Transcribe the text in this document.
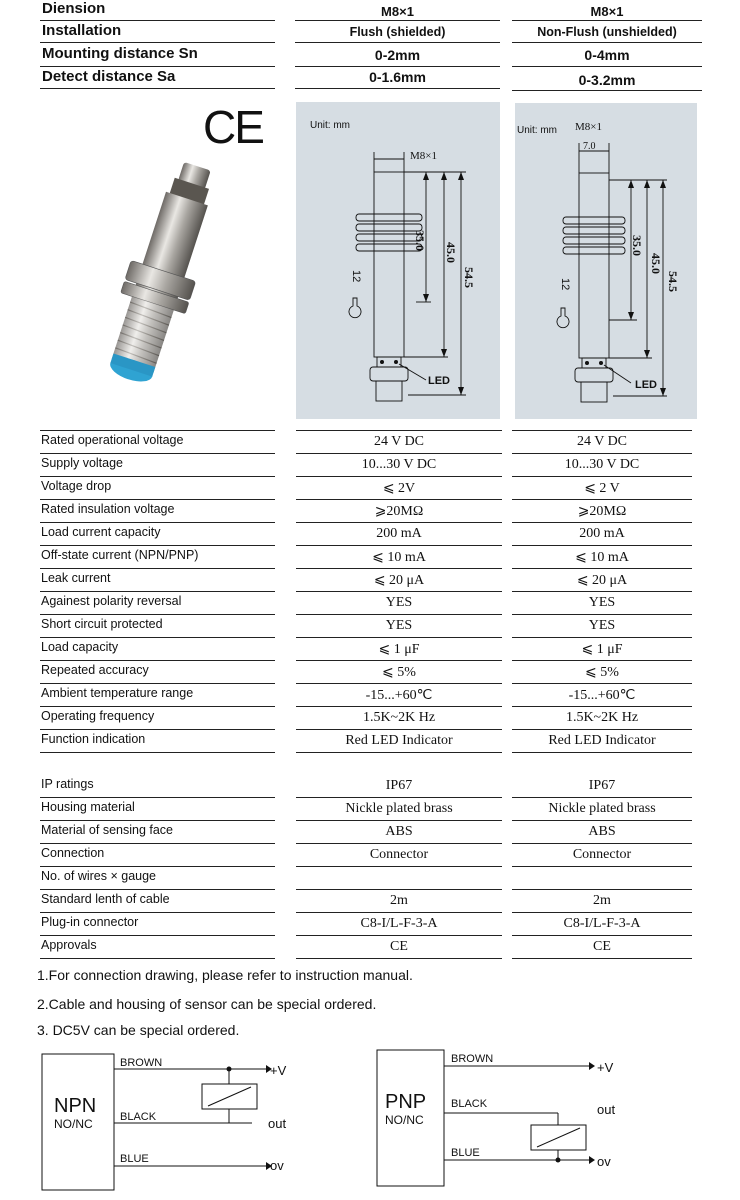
Diension	M8×1	M8×1
Installation	Flush (shielded)	Non-Flush (unshielded)
Mounting distance Sn	0-2mm	0-4mm
Detect distance Sa	0-1.6mm	0-3.2mm
CE	Unit: mm
M8×1
35.0
45.0
54.5
12
LED
Unit: mm M8×1
7.0
35.0
45.0
54.5
12
LED
Rated operational voltage	24 V DC	24 V DC
Supply voltage	10...30 V DC	10...30 V DC
Voltage drop	⩽ 2V	⩽ 2 V
Rated insulation voltage	⩾20MΩ	⩾20MΩ
Load current capacity	200 mA	200 mA
Off-state current (NPN/PNP)	⩽ 10 mA	⩽ 10 mA
Leak current	⩽ 20 μA	⩽ 20 μA
Againest polarity reversal	YES	YES
Short circuit protected	YES	YES
Load capacity	⩽ 1 μF	⩽ 1 μF
Repeated accuracy	⩽ 5%	⩽ 5%
Ambient temperature range	-15...+60℃	-15...+60℃
Operating frequency	1.5K~2K Hz	1.5K~2K Hz
Function indication	Red LED Indicator	Red LED Indicator
IP ratings	IP67	IP67
Housing material	Nickle plated brass	Nickle plated brass
Material of sensing face	ABS	ABS
Connection	Connector	Connector
No. of wires × gauge
Standard lenth of cable	2m	2m
Plug-in connector	C8-I/L-F-3-A	C8-I/L-F-3-A
Approvals	CE	CE
1.For connection drawing, please refer to instruction manual.
2.Cable and housing of sensor can be special ordered.
3. DC5V can be special ordered.
NPN
NO/NC
BROWN
BLACK
BLUE
+V
out
ov
PNP
NO/NC
BROWN
BLACK
BLUE
+V
out
ov
